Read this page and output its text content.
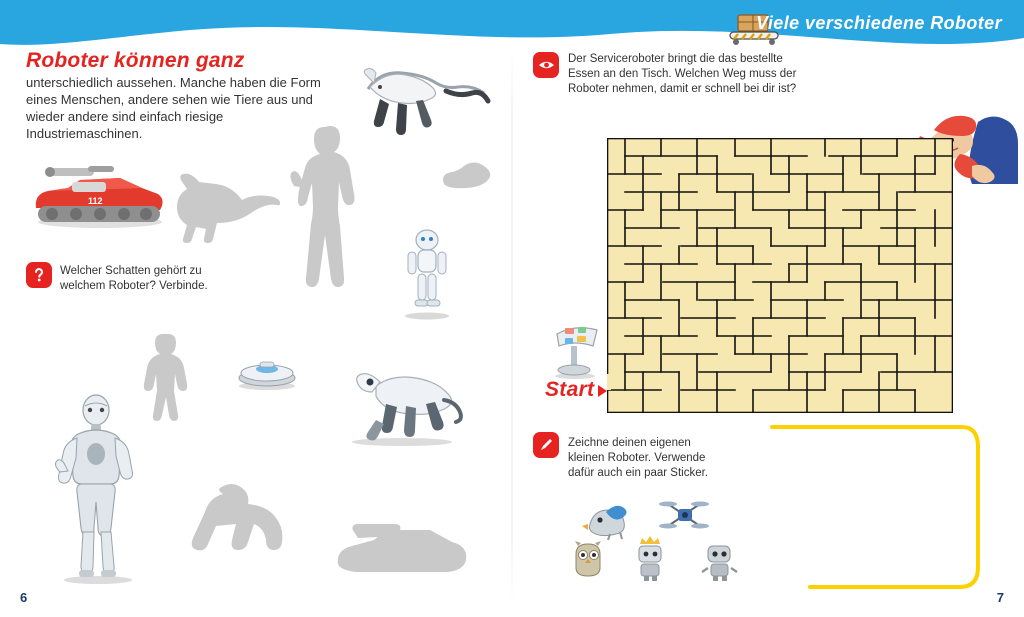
Viele verschiedene Roboter
Roboter können ganz unterschiedlich aussehen. Manche haben die Form eines Menschen, andere sehen wie Tiere aus und wieder andere sind einfach riesige Industriemaschinen.
112
Welcher Schatten gehört zu welchem Roboter? Verbinde.
6
Der Serviceroboter bringt die das bestellte Essen an den Tisch. Welchen Weg muss der Roboter nehmen, damit er schnell bei dir ist?
Start
Zeichne deinen eigenen kleinen Roboter. Verwende dafür auch ein paar Sticker.
7
